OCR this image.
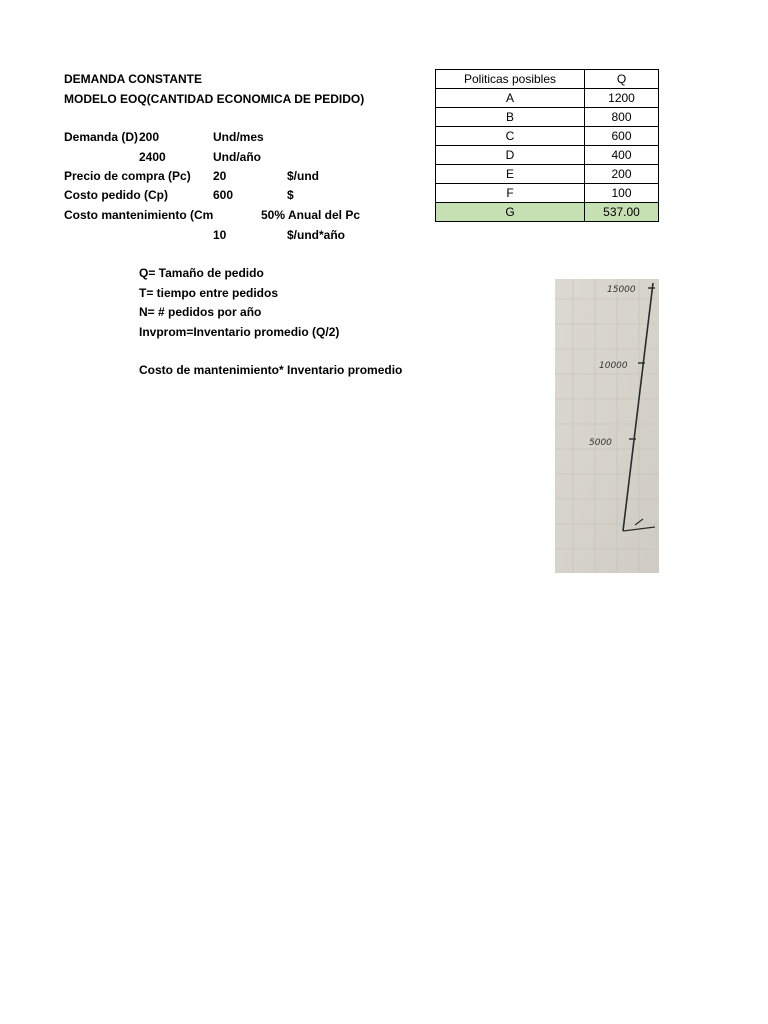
DEMANDA CONSTANTE
MODELO EOQ(CANTIDAD ECONOMICA DE PEDIDO)
Demanda (D) 200	Und/mes
2400	Und/año
Precio de compra (Pc) 20	$/und
Costo pedido (Cp)	600	$
Costo mantenimiento (Cm	50% Anual del Pc
10	$/und*año
Q= Tamaño de pedido
T= tiempo entre pedidos
N= # pedidos por año
Invprom=Inventario promedio (Q/2)
Costo de mantenimiento* Inventario promedio
Politicas posibles	Q
A	1200
B	800
C	600
D	400
E	200
F	100
G	537.00
15000
10000
5000
